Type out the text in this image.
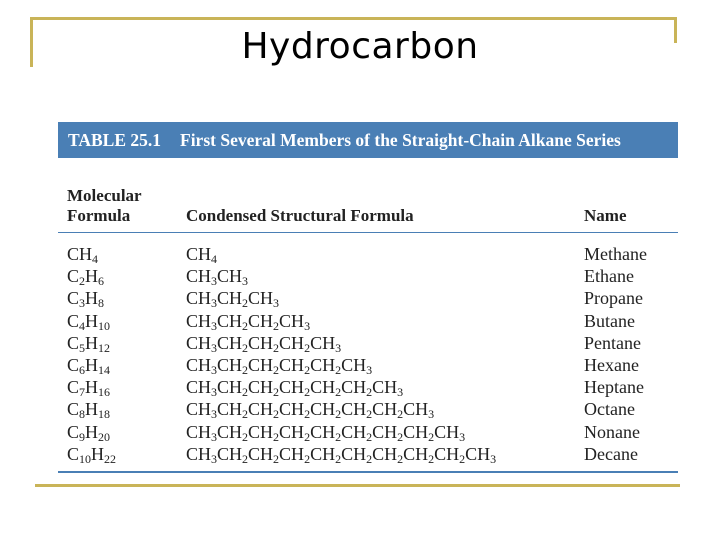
Hydrocarbon
TABLE 25.1 First Several Members of the Straight-Chain Alkane Series
Molecular
Formula	Condensed Structural Formula	Name
$CH_4$	$CH_4$	Methane
$C_2H_6$	$CH_3CH_3$	Ethane
$C_3H_8$	$CH_3CH_2CH_3$	Propane
$C_4H_{10}$	$CH_3CH_2CH_2CH_3$	Butane
$C_5H_{12}$	$CH_3CH_2CH_2CH_2CH_3$	Pentane
$C_6H_{14}$	$CH_3CH_2CH_2CH_2CH_2CH_3$	Hexane
$C_7H_{16}$	$CH_3CH_2CH_2CH_2CH_2CH_2CH_3$	Heptane
$C_8H_{18}$	$CH_3CH_2CH_2CH_2CH_2CH_2CH_2CH_3$	Octane
$C_9H_{20}$	$CH_3CH_2CH_2CH_2CH_2CH_2CH_2CH_2CH_3$	Nonane
$C_{10}H_{22}$	$CH_3CH_2CH_2CH_2CH_2CH_2CH_2CH_2CH_2CH_3$	Decane
